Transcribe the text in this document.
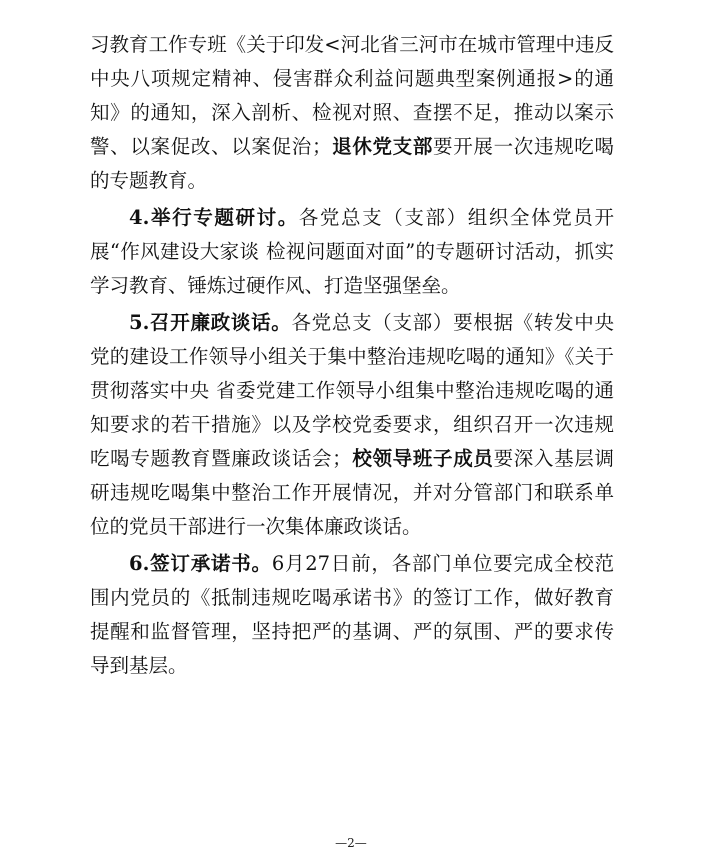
习教育工作专班《关于印发<河北省三河市在城市管理中违反中央八项规定精神、侵害群众利益问题典型案例通报>的通知》的通知，深入剖析、检视对照、查摆不足，推动以案示警、以案促改、以案促治；退休党支部要开展一次违规吃喝的专题教育。

4.举行专题研讨。各党总支（支部）组织全体党员开展“作风建设大家谈 检视问题面对面”的专题研讨活动，抓实学习教育、锤炼过硬作风、打造坚强堡垒。

5.召开廉政谈话。各党总支（支部）要根据《转发中央党的建设工作领导小组关于集中整治违规吃喝的通知》《关于贯彻落实中央 省委党建工作领导小组集中整治违规吃喝的通知要求的若干措施》以及学校党委要求，组织召开一次违规吃喝专题教育暨廉政谈话会；校领导班子成员要深入基层调研违规吃喝集中整治工作开展情况，并对分管部门和联系单位的党员干部进行一次集体廉政谈话。

6.签订承诺书。6月27日前，各部门单位要完成全校范围内党员的《抵制违规吃喝承诺书》的签订工作，做好教育提醒和监督管理，坚持把严的基调、严的氛围、严的要求传导到基层。

—2—
